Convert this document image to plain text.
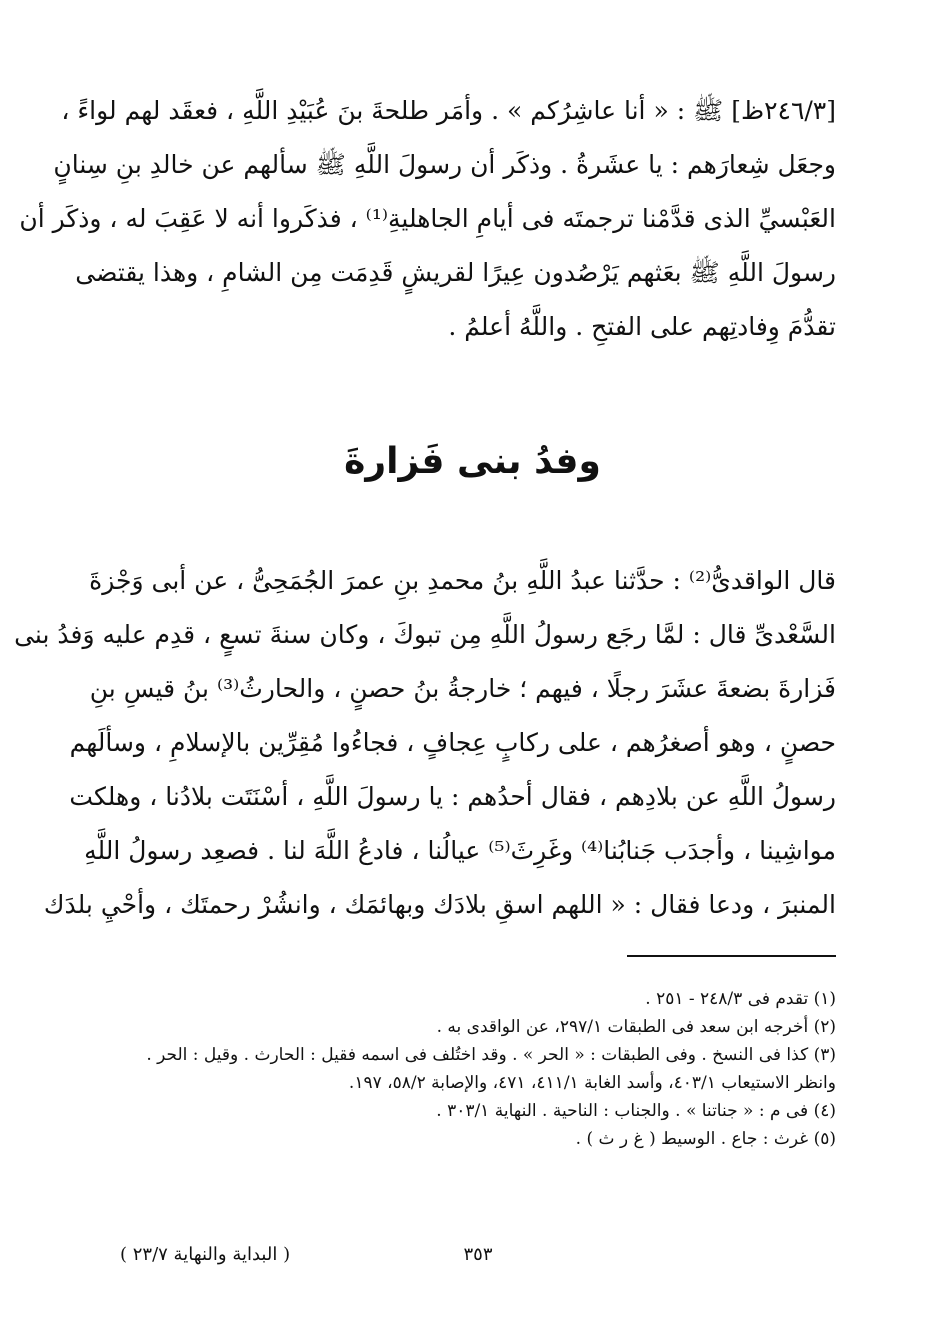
[٢٤٦/٣ظ] ﷺ : « أنا عاشِرُكم » . وأمَر طلحةَ بنَ عُبَيْدِ اللَّهِ ، فعقَد لهم لواءً ،
وجعَل شِعارَهم : يا عشَرةُ . وذكَر أن رسولَ اللَّهِ ﷺ سألهم عن خالدِ بنِ سِنانٍ
العَبْسيِّ الذى قدَّمْنا ترجمتَه فى أيامِ الجاهليةِ⁽¹⁾ ، فذكَروا أنه لا عَقِبَ له ، وذكَر أن
رسولَ اللَّهِ ﷺ بعَثهم يَرْصُدون عِيرًا لقريشٍ قَدِمَت مِن الشامِ ، وهذا يقتضى
تقدُّمَ وِفادتِهم على الفتحِ . واللَّهُ أعلمُ .

وفدُ بنى فَزارةَ

قال الواقدىُّ⁽²⁾ : حدَّثنا عبدُ اللَّهِ بنُ محمدِ بنِ عمرَ الجُمَحِىُّ ، عن أبى وَجْزةَ
السَّعْدىِّ قال : لمَّا رجَع رسولُ اللَّهِ مِن تبوكَ ، وكان سنةَ تسعٍ ، قدِم عليه وَفدُ بنى
فَزارةَ بضعةَ عشَرَ رجلًا ، فيهم ؛ خارجةُ بنُ حصنٍ ، والحارثُ⁽³⁾ بنُ قيسِ بنِ
حصنٍ ، وهو أصغرُهم ، على ركابٍ عِجافٍ ، فجاءُوا مُقِرِّين بالإسلامِ ، وسألَهم
رسولُ اللَّهِ عن بلادِهم ، فقال أحدُهم : يا رسولَ اللَّهِ ، أسْنَتَت بلادُنا ، وهلكت
مواشِينا ، وأجدَب جَنابُنا⁽⁴⁾ وغَرِثَ⁽⁵⁾ عيالُنا ، فادعُ اللَّهَ لنا . فصعِد رسولُ اللَّهِ
المنبرَ ، ودعا فقال : « اللهم اسقِ بلادَك وبهائمَك ، وانشُرْ رحمتَك ، وأحْيِ بلدَك

(١) تقدم فى ٢٤٨/٣ - ٢٥١ .
(٢) أخرجه ابن سعد فى الطبقات ٢٩٧/١، عن الواقدى به .
(٣) كذا فى النسخ . وفى الطبقات : « الحر » . وقد اختُلف فى اسمه فقيل : الحارث . وقيل : الحر .
وانظر الاستيعاب ٤٠٣/١، وأسد الغابة ٤١١/١، ٤٧١، والإصابة ٥٨/٢، ١٩٧.
(٤) فى م : « جناتنا » . والجناب : الناحية . النهاية ٣٠٣/١ .
(٥) غرث : جاع . الوسيط ( غ ر ث ) .
٣٥٣
( البداية والنهاية ٢٣/٧ )
